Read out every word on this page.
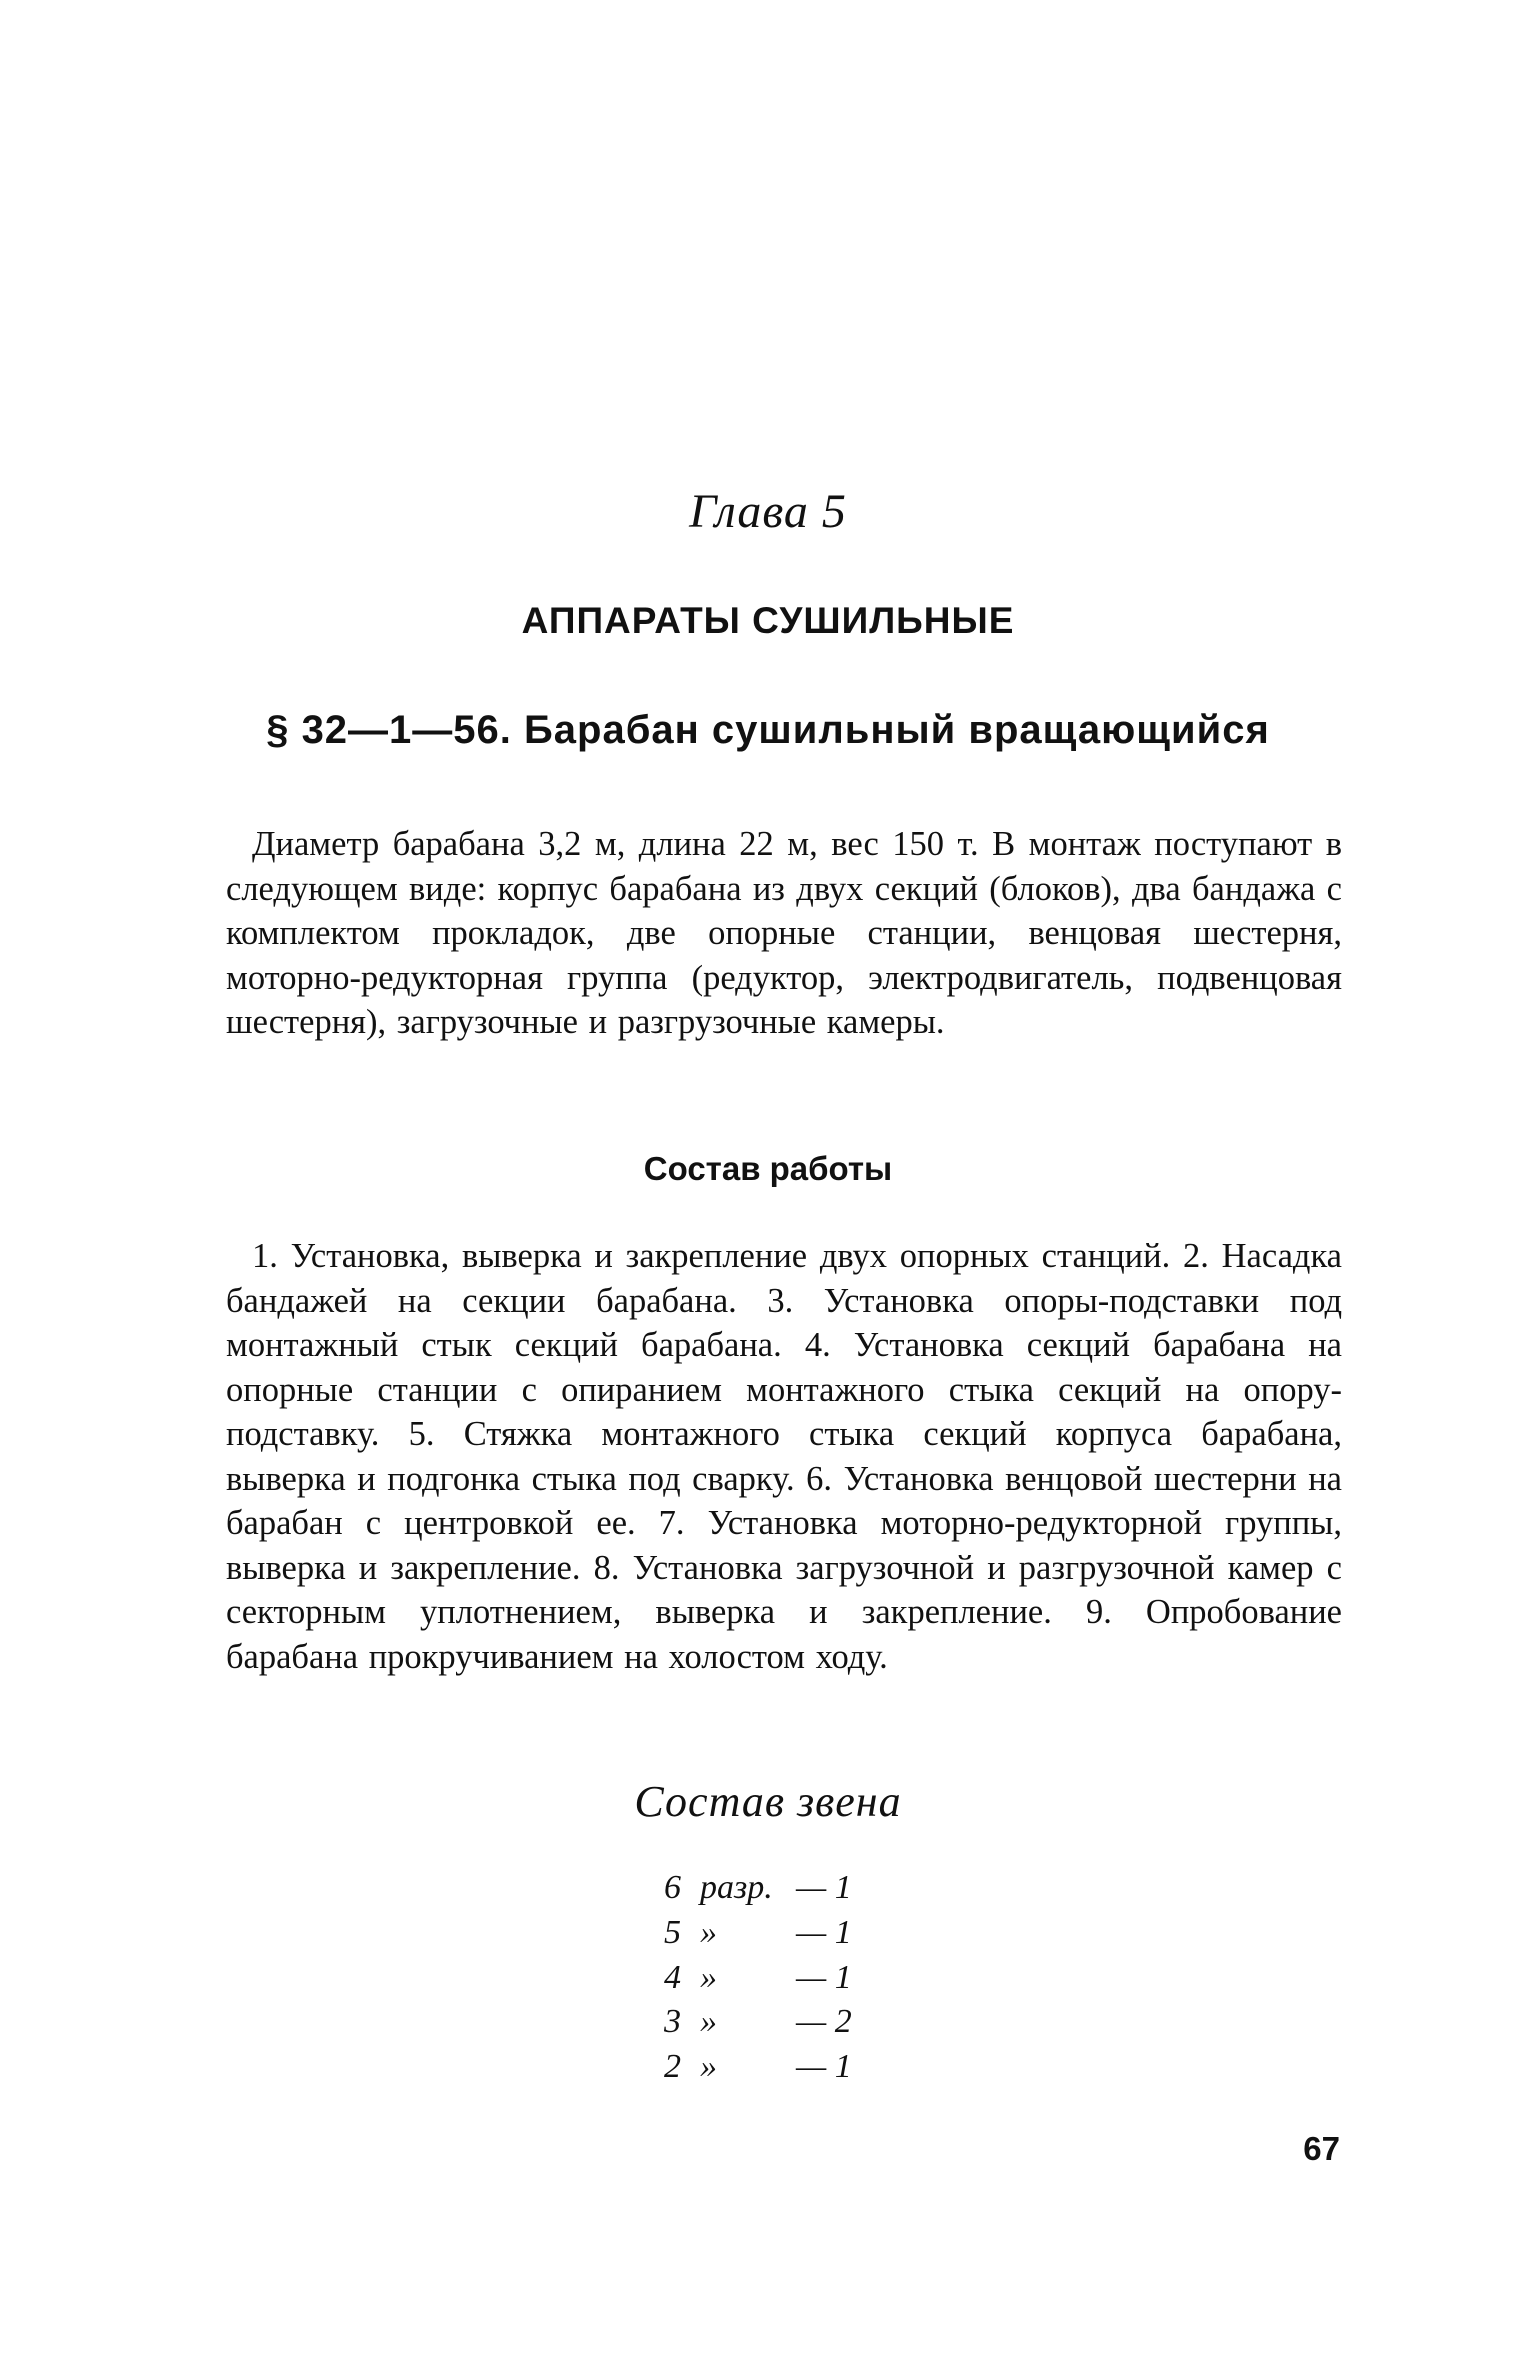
Глава 5
АППАРАТЫ СУШИЛЬНЫЕ
§ 32—1—56. Барабан сушильный вращающийся

Диаметр барабана 3,2 м, длина 22 м, вес 150 т. В монтаж поступают в следующем виде: корпус барабана из двух секций (блоков), два бандажа с комплектом прокладок, две опорные станции, венцовая шестерня, моторно-редукторная группа (редуктор, электродвигатель, подвенцовая шестерня), загрузочные и разгрузочные камеры.

Состав работы

1. Установка, выверка и закрепление двух опорных станций. 2. Насадка бандажей на секции барабана. 3. Установка опоры-подставки под монтажный стык секций барабана. 4. Установка секций барабана на опорные станции с опиранием монтажного стыка секций на опору-подставку. 5. Стяжка монтажного стыка секций корпуса барабана, выверка и подгонка стыка под сварку. 6. Установка венцовой шестерни на барабан с центровкой ее. 7. Установка моторно-редукторной группы, выверка и закрепление. 8. Установка загрузочной и разгрузочной камер с секторным уплотнением, выверка и закрепление. 9. Опробование барабана прокручиванием на холостом ходу.

Состав звена
6 разр. — 1
5 » — 1
4 » — 1
3 » — 2
2 » — 1
67
